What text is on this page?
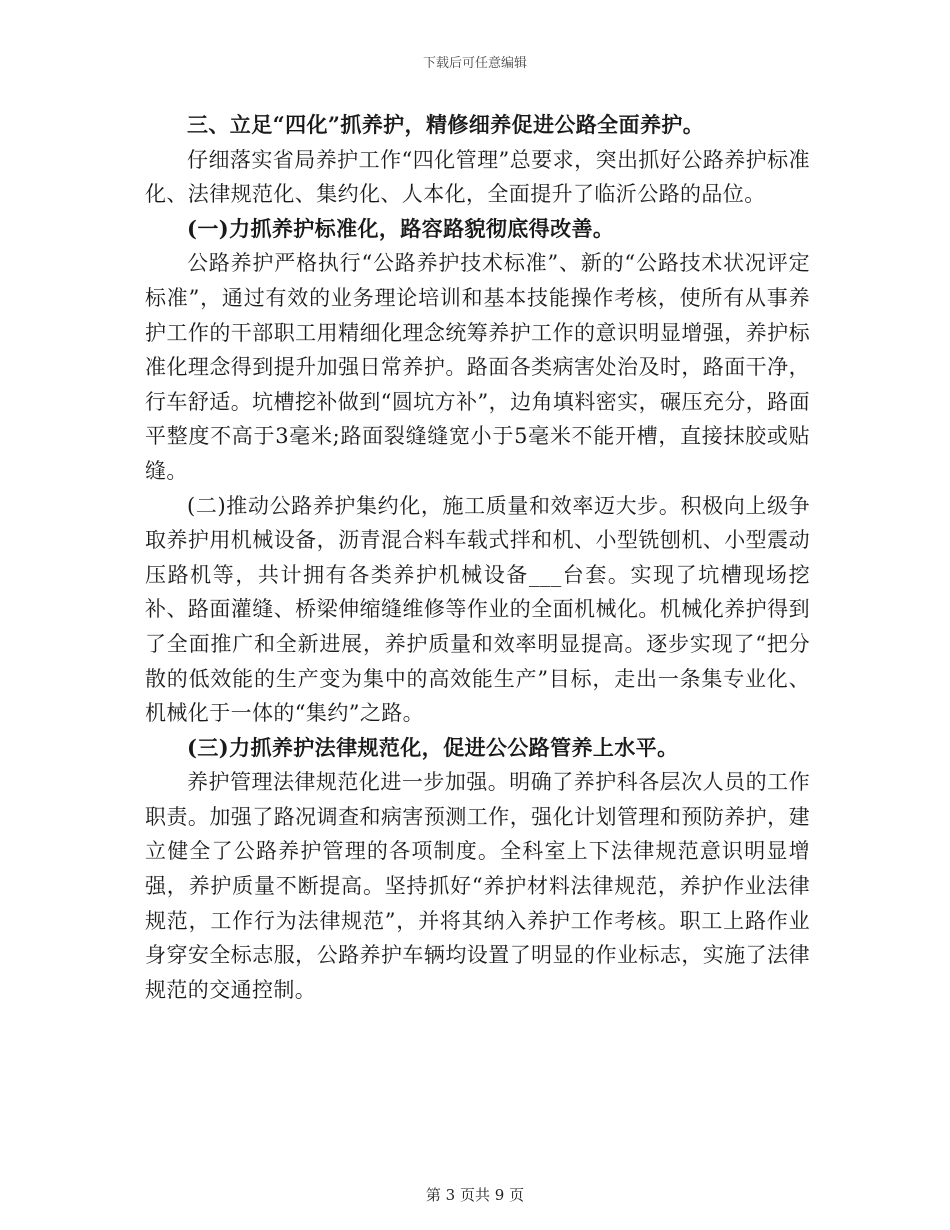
下载后可任意编辑

三、立足“四化”抓养护，精修细养促进公路全面养护。

仔细落实省局养护工作“四化管理”总要求，突出抓好公路养护标准化、法律规范化、集约化、人本化，全面提升了临沂公路的品位。

(一)力抓养护标准化，路容路貌彻底得改善。

公路养护严格执行“公路养护技术标准”、新的“公路技术状况评定标准”，通过有效的业务理论培训和基本技能操作考核，使所有从事养护工作的干部职工用精细化理念统筹养护工作的意识明显增强，养护标准化理念得到提升加强日常养护。路面各类病害处治及时，路面干净，行车舒适。坑槽挖补做到“圆坑方补”，边角填料密实，碾压充分，路面平整度不高于3毫米;路面裂缝缝宽小于5毫米不能开槽，直接抹胶或贴缝。

(二)推动公路养护集约化，施工质量和效率迈大步。积极向上级争取养护用机械设备，沥青混合料车载式拌和机、小型铣刨机、小型震动压路机等，共计拥有各类养护机械设备___台套。实现了坑槽现场挖补、路面灌缝、桥梁伸缩缝维修等作业的全面机械化。机械化养护得到了全面推广和全新进展，养护质量和效率明显提高。逐步实现了“把分散的低效能的生产变为集中的高效能生产”目标，走出一条集专业化、机械化于一体的“集约”之路。

(三)力抓养护法律规范化，促进公公路管养上水平。

养护管理法律规范化进一步加强。明确了养护科各层次人员的工作职责。加强了路况调查和病害预测工作，强化计划管理和预防养护，建立健全了公路养护管理的各项制度。全科室上下法律规范意识明显增强，养护质量不断提高。坚持抓好“养护材料法律规范，养护作业法律规范，工作行为法律规范”，并将其纳入养护工作考核。职工上路作业身穿安全标志服，公路养护车辆均设置了明显的作业标志，实施了法律规范的交通控制。

第 3 页共 9 页
